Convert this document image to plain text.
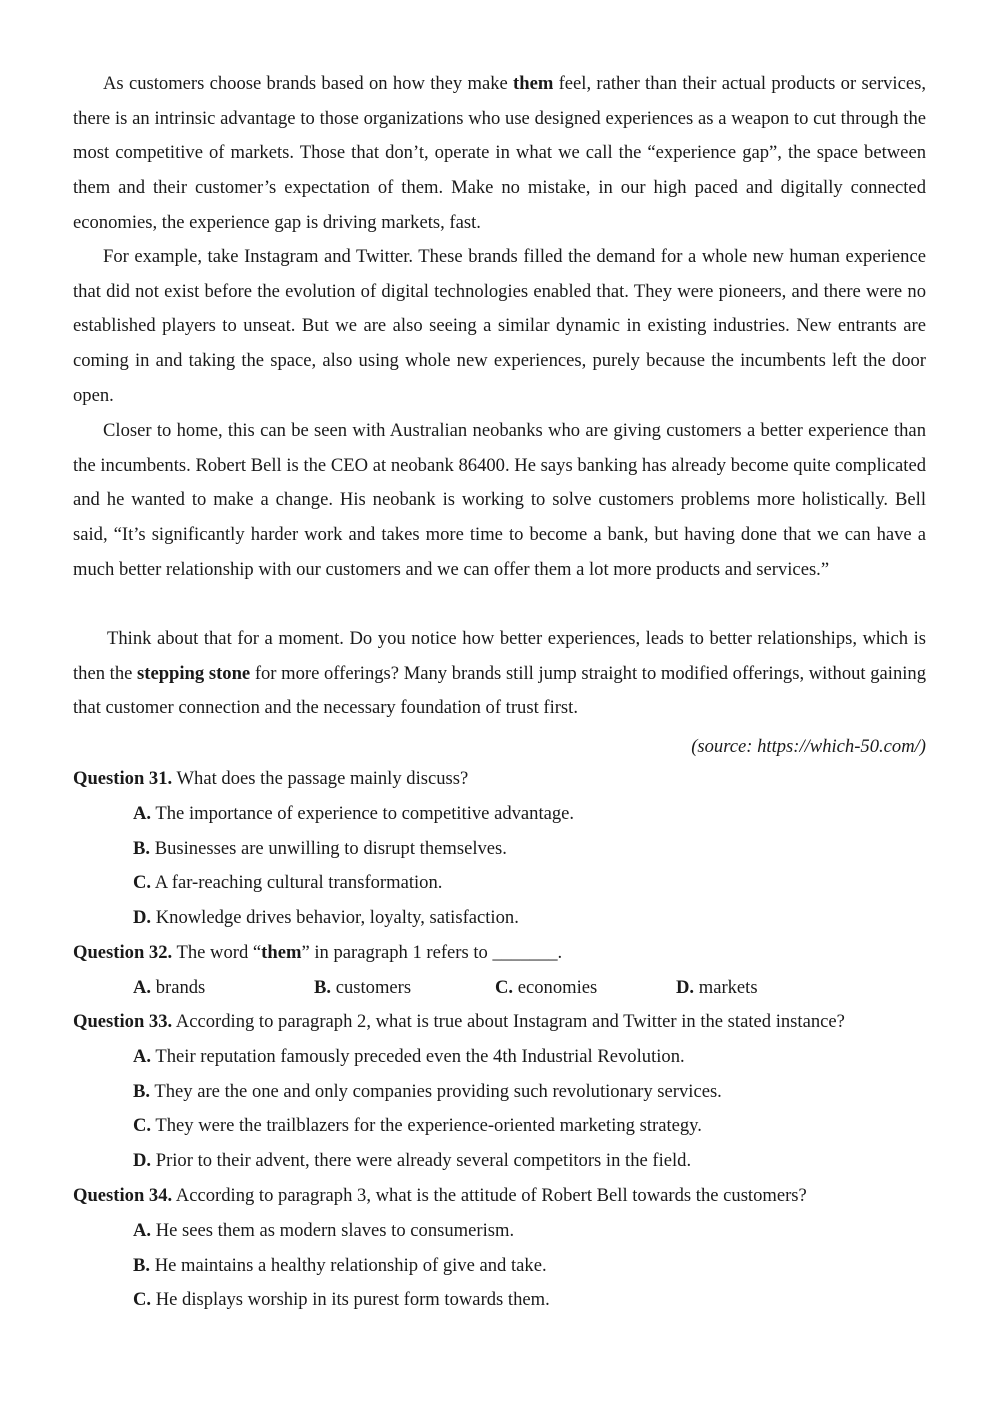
As customers choose brands based on how they make them feel, rather than their actual products or services, there is an intrinsic advantage to those organizations who use designed experiences as a weapon to cut through the most competitive of markets. Those that don’t, operate in what we call the “experience gap”, the space between them and their customer’s expectation of them. Make no mistake, in our high paced and digitally connected economies, the experience gap is driving markets, fast.

For example, take Instagram and Twitter. These brands filled the demand for a whole new human experience that did not exist before the evolution of digital technologies enabled that. They were pioneers, and there were no established players to unseat. But we are also seeing a similar dynamic in existing industries. New entrants are coming in and taking the space, also using whole new experiences, purely because the incumbents left the door open.

Closer to home, this can be seen with Australian neobanks who are giving customers a better experience than the incumbents. Robert Bell is the CEO at neobank 86400. He says banking has already become quite complicated and he wanted to make a change. His neobank is working to solve customers problems more holistically. Bell said, “It’s significantly harder work and takes more time to become a bank, but having done that we can have a much better relationship with our customers and we can offer them a lot more products and services.”

Think about that for a moment. Do you notice how better experiences, leads to better relationships, which is then the stepping stone for more offerings? Many brands still jump straight to modified offerings, without gaining that customer connection and the necessary foundation of trust first.

(source: https://which-50.com/)
Question 31. What does the passage mainly discuss?
A. The importance of experience to competitive advantage.
B. Businesses are unwilling to disrupt themselves.
C. A far-reaching cultural transformation.
D. Knowledge drives behavior, loyalty, satisfaction.
Question 32. The word “them” in paragraph 1 refers to _______.
A. brands	B. customers	C. economies	D. markets
Question 33. According to paragraph 2, what is true about Instagram and Twitter in the stated instance?
A. Their reputation famously preceded even the 4th Industrial Revolution.
B. They are the one and only companies providing such revolutionary services.
C. They were the trailblazers for the experience-oriented marketing strategy.
D. Prior to their advent, there were already several competitors in the field.
Question 34. According to paragraph 3, what is the attitude of Robert Bell towards the customers?
A. He sees them as modern slaves to consumerism.
B. He maintains a healthy relationship of give and take.
C. He displays worship in its purest form towards them.
